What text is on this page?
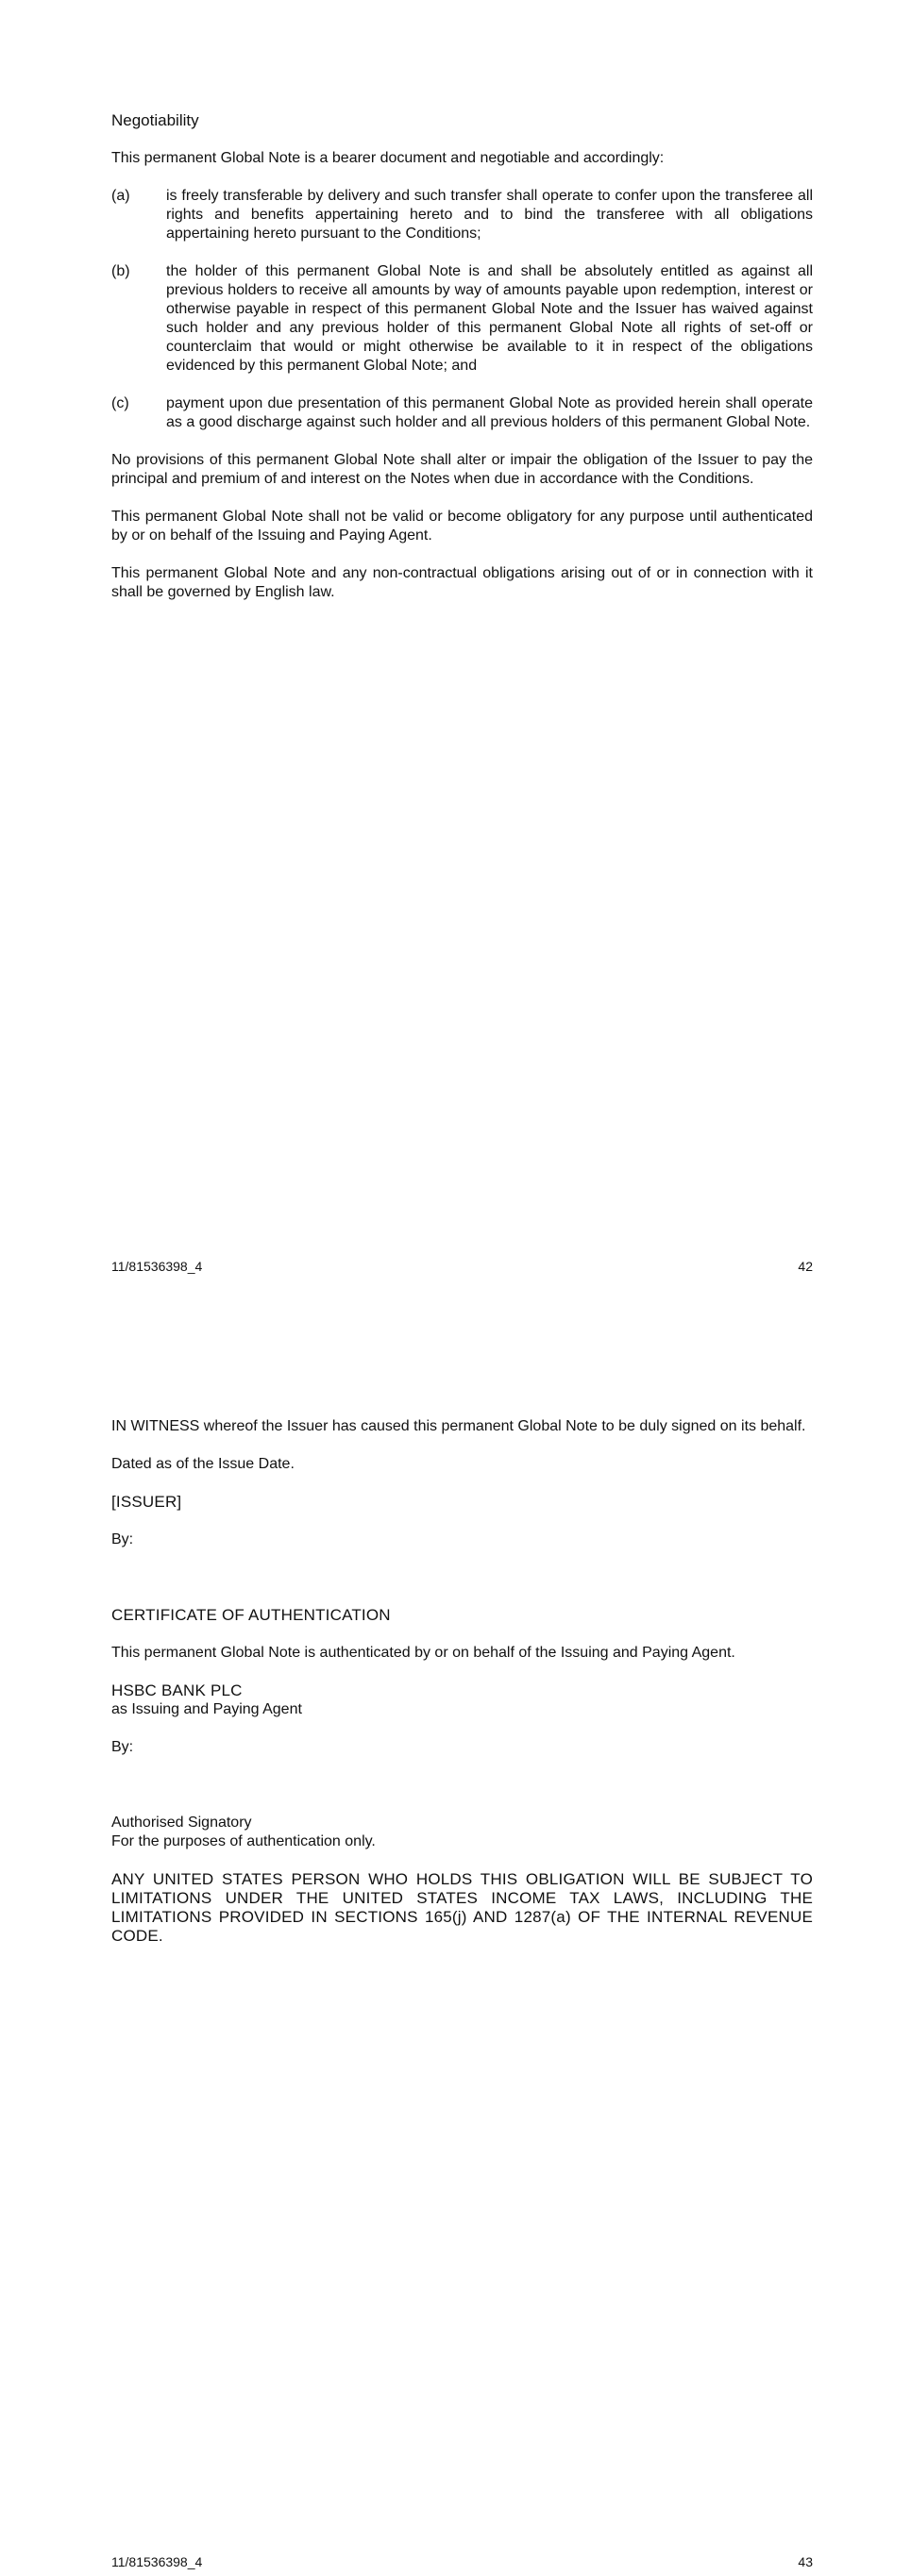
Negotiability

This permanent Global Note is a bearer document and negotiable and accordingly:

(a)	is freely transferable by delivery and such transfer shall operate to confer upon the transferee all rights and benefits appertaining hereto and to bind the transferee with all obligations appertaining hereto pursuant to the Conditions;
(b)	the holder of this permanent Global Note is and shall be absolutely entitled as against all previous holders to receive all amounts by way of amounts payable upon redemption, interest or otherwise payable in respect of this permanent Global Note and the Issuer has waived against such holder and any previous holder of this permanent Global Note all rights of set-off or counterclaim that would or might otherwise be available to it in respect of the obligations evidenced by this permanent Global Note; and
(c)	payment upon due presentation of this permanent Global Note as provided herein shall operate as a good discharge against such holder and all previous holders of this permanent Global Note.

No provisions of this permanent Global Note shall alter or impair the obligation of the Issuer to pay the principal and premium of and interest on the Notes when due in accordance with the Conditions.

This permanent Global Note shall not be valid or become obligatory for any purpose until authenticated by or on behalf of the Issuing and Paying Agent.

This permanent Global Note and any non-contractual obligations arising out of or in connection with it shall be governed by English law.

11/81536398_4	42

IN WITNESS whereof the Issuer has caused this permanent Global Note to be duly signed on its behalf.

Dated as of the Issue Date.

[ISSUER]

By:

CERTIFICATE OF AUTHENTICATION

This permanent Global Note is authenticated by or on behalf of the Issuing and Paying Agent.

HSBC BANK PLC

as Issuing and Paying Agent

By:

Authorised Signatory

For the purposes of authentication only.

ANY UNITED STATES PERSON WHO HOLDS THIS OBLIGATION WILL BE SUBJECT TO LIMITATIONS UNDER THE UNITED STATES INCOME TAX LAWS, INCLUDING THE LIMITATIONS PROVIDED IN SECTIONS 165(j) AND 1287(a) OF THE INTERNAL REVENUE CODE.

11/81536398_4	43
